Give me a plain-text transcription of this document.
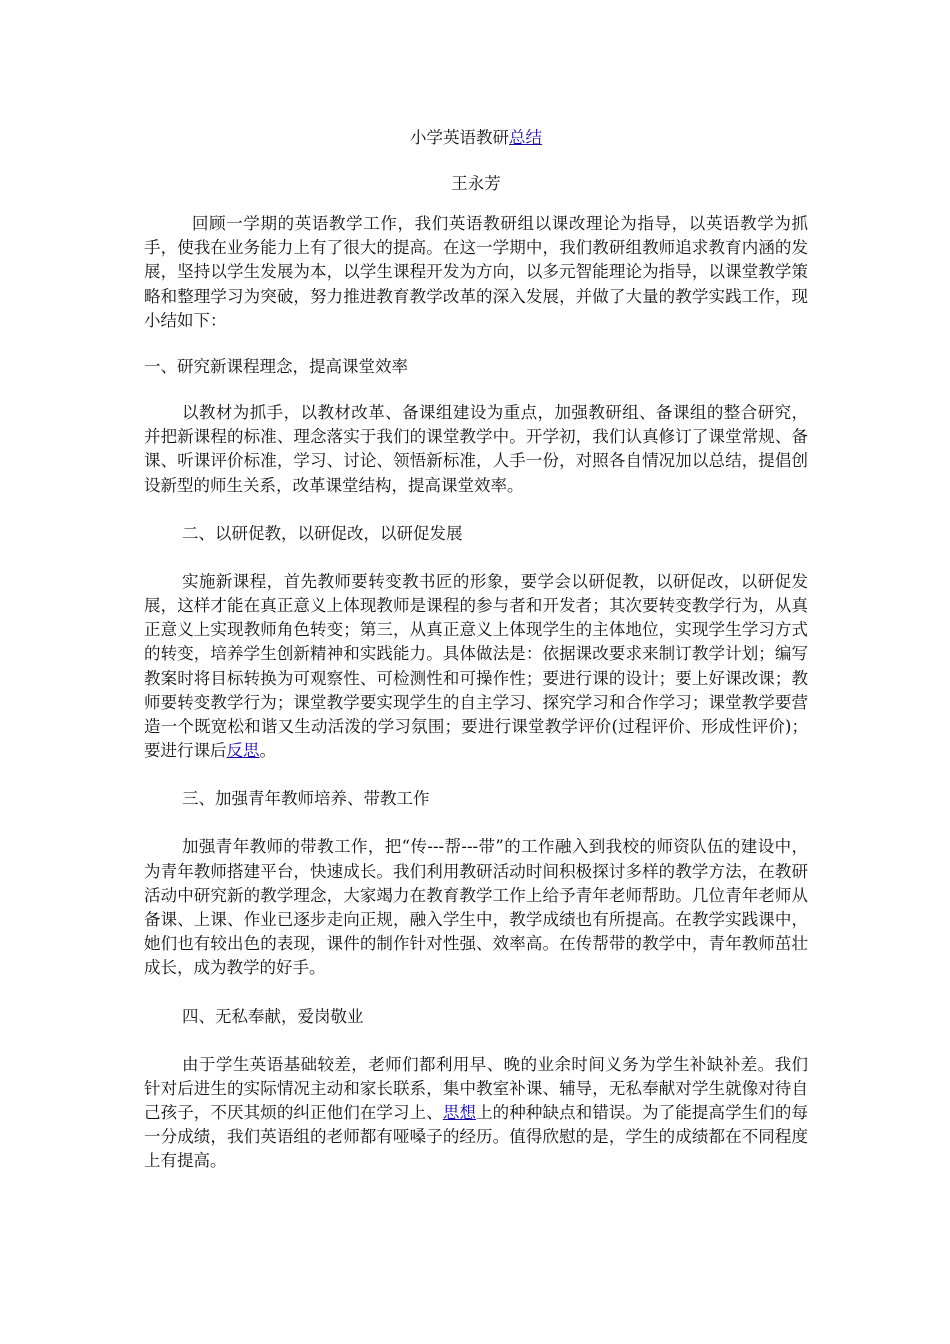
小学英语教研总结
王永芳

回顾一学期的英语教学工作，我们英语教研组以课改理论为指导，以英语教学为抓手，使我在业务能力上有了很大的提高。在这一学期中，我们教研组教师追求教育内涵的发展，坚持以学生发展为本，以学生课程开发为方向，以多元智能理论为指导，以课堂教学策略和整理学习为突破，努力推进教育教学改革的深入发展，并做了大量的教学实践工作，现小结如下：

一、研究新课程理念，提高课堂效率

以教材为抓手，以教材改革、备课组建设为重点，加强教研组、备课组的整合研究，并把新课程的标准、理念落实于我们的课堂教学中。开学初，我们认真修订了课堂常规、备课、听课评价标准，学习、讨论、领悟新标准，人手一份，对照各自情况加以总结，提倡创设新型的师生关系，改革课堂结构，提高课堂效率。

二、以研促教，以研促改，以研促发展

实施新课程，首先教师要转变教书匠的形象，要学会以研促教，以研促改，以研促发展，这样才能在真正意义上体现教师是课程的参与者和开发者；其次要转变教学行为，从真正意义上实现教师角色转变；第三，从真正意义上体现学生的主体地位，实现学生学习方式的转变，培养学生创新精神和实践能力。具体做法是：依据课改要求来制订教学计划；编写教案时将目标转换为可观察性、可检测性和可操作性；要进行课的设计；要上好课改课；教师要转变教学行为；课堂教学要实现学生的自主学习、探究学习和合作学习；课堂教学要营造一个既宽松和谐又生动活泼的学习氛围；要进行课堂教学评价(过程评价、形成性评价)；要进行课后反思。

三、加强青年教师培养、带教工作

加强青年教师的带教工作，把“传---帮---带”的工作融入到我校的师资队伍的建设中，为青年教师搭建平台，快速成长。我们利用教研活动时间积极探讨多样的教学方法，在教研活动中研究新的教学理念，大家竭力在教育教学工作上给予青年老师帮助。几位青年老师从备课、上课、作业已逐步走向正规，融入学生中，教学成绩也有所提高。在教学实践课中，她们也有较出色的表现，课件的制作针对性强、效率高。在传帮带的教学中，青年教师茁壮成长，成为教学的好手。

四、无私奉献，爱岗敬业

由于学生英语基础较差，老师们都利用早、晚的业余时间义务为学生补缺补差。我们针对后进生的实际情况主动和家长联系，集中教室补课、辅导，无私奉献对学生就像对待自己孩子，不厌其烦的纠正他们在学习上、思想上的种种缺点和错误。为了能提高学生们的每一分成绩，我们英语组的老师都有哑嗓子的经历。值得欣慰的是，学生的成绩都在不同程度上有提高。
